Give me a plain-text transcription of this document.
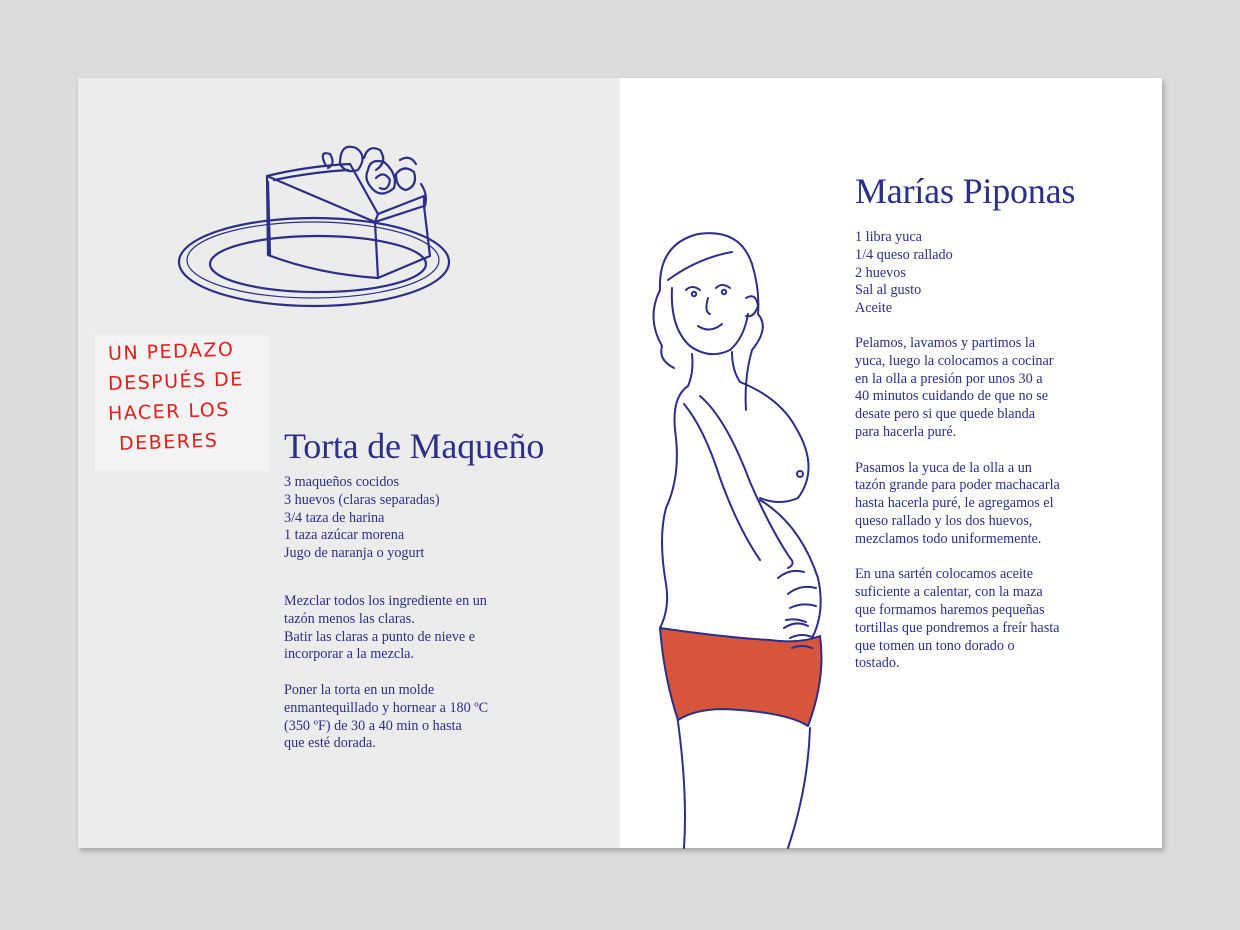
UN PEDAZO
DESPUÉS DE
HACER LOS
DEBERES Torta de Maqueño
3 maqueños cocidos
3 huevos (claras separadas)
3/4 taza de harina
1 taza azúcar morena
Jugo de naranja o yogurt

Mezclar todos los ingrediente en un
tazón menos las claras.
Batir las claras a punto de nieve e
incorporar a la mezcla.

Poner la torta en un molde
enmantequillado y hornear a 180 ºC
(350 ºF) de 30 a 40 min o hasta
que esté dorada.

Marías Piponas
1 libra yuca
1/4 queso rallado
2 huevos
Sal al gusto
Aceite

Pelamos, lavamos y partimos la
yuca, luego la colocamos a cocinar
en la olla a presión por unos 30 a
40 minutos cuidando de que no se
desate pero si que quede blanda
para hacerla puré.

Pasamos la yuca de la olla a un
tazón grande para poder machacarla
hasta hacerla puré, le agregamos el
queso rallado y los dos huevos,
mezclamos todo uniformemente.

En una sartén colocamos aceite
suficiente a calentar, con la maza
que formamos haremos pequeñas
tortillas que pondremos a freír hasta
que tomen un tono dorado o
tostado.
